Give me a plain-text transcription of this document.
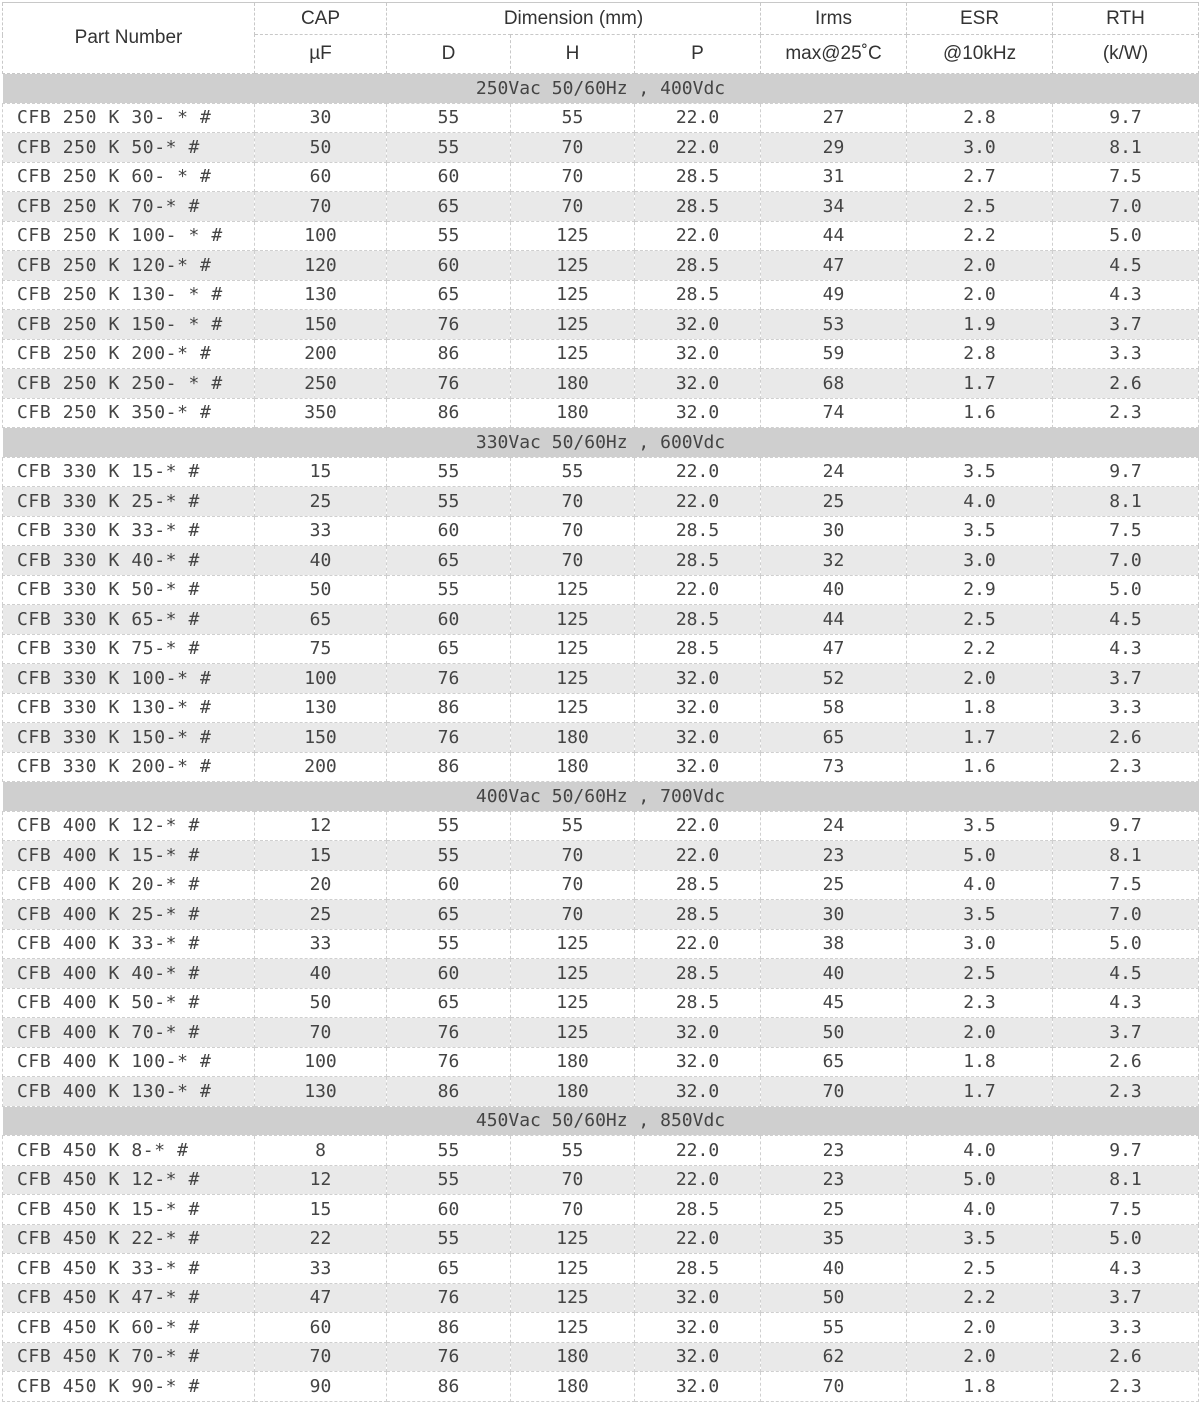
Part Number	CAP	Dimension (mm)			Irms	ESR	RTH
	µF	D	H	P	max@25˚C	@10kHz	(k/W)
250Vac 50/60Hz , 400Vdc							
CFB 250 K 30- * #	30	55	55	22.0	27	2.8	9.7
CFB 250 K 50-* #	50	55	70	22.0	29	3.0	8.1
CFB 250 K 60- * #	60	60	70	28.5	31	2.7	7.5
CFB 250 K 70-* #	70	65	70	28.5	34	2.5	7.0
CFB 250 K 100- * #	100	55	125	22.0	44	2.2	5.0
CFB 250 K 120-* #	120	60	125	28.5	47	2.0	4.5
CFB 250 K 130- * #	130	65	125	28.5	49	2.0	4.3
CFB 250 K 150- * #	150	76	125	32.0	53	1.9	3.7
CFB 250 K 200-* #	200	86	125	32.0	59	2.8	3.3
CFB 250 K 250- * #	250	76	180	32.0	68	1.7	2.6
CFB 250 K 350-* #	350	86	180	32.0	74	1.6	2.3
330Vac 50/60Hz , 600Vdc							
CFB 330 K 15-* #	15	55	55	22.0	24	3.5	9.7
CFB 330 K 25-* #	25	55	70	22.0	25	4.0	8.1
CFB 330 K 33-* #	33	60	70	28.5	30	3.5	7.5
CFB 330 K 40-* #	40	65	70	28.5	32	3.0	7.0
CFB 330 K 50-* #	50	55	125	22.0	40	2.9	5.0
CFB 330 K 65-* #	65	60	125	28.5	44	2.5	4.5
CFB 330 K 75-* #	75	65	125	28.5	47	2.2	4.3
CFB 330 K 100-* #	100	76	125	32.0	52	2.0	3.7
CFB 330 K 130-* #	130	86	125	32.0	58	1.8	3.3
CFB 330 K 150-* #	150	76	180	32.0	65	1.7	2.6
CFB 330 K 200-* #	200	86	180	32.0	73	1.6	2.3
400Vac 50/60Hz , 700Vdc							
CFB 400 K 12-* #	12	55	55	22.0	24	3.5	9.7
CFB 400 K 15-* #	15	55	70	22.0	23	5.0	8.1
CFB 400 K 20-* #	20	60	70	28.5	25	4.0	7.5
CFB 400 K 25-* #	25	65	70	28.5	30	3.5	7.0
CFB 400 K 33-* #	33	55	125	22.0	38	3.0	5.0
CFB 400 K 40-* #	40	60	125	28.5	40	2.5	4.5
CFB 400 K 50-* #	50	65	125	28.5	45	2.3	4.3
CFB 400 K 70-* #	70	76	125	32.0	50	2.0	3.7
CFB 400 K 100-* #	100	76	180	32.0	65	1.8	2.6
CFB 400 K 130-* #	130	86	180	32.0	70	1.7	2.3
450Vac 50/60Hz , 850Vdc							
CFB 450 K 8-* #	8	55	55	22.0	23	4.0	9.7
CFB 450 K 12-* #	12	55	70	22.0	23	5.0	8.1
CFB 450 K 15-* #	15	60	70	28.5	25	4.0	7.5
CFB 450 K 22-* #	22	55	125	22.0	35	3.5	5.0
CFB 450 K 33-* #	33	65	125	28.5	40	2.5	4.3
CFB 450 K 47-* #	47	76	125	32.0	50	2.2	3.7
CFB 450 K 60-* #	60	86	125	32.0	55	2.0	3.3
CFB 450 K 70-* #	70	76	180	32.0	62	2.0	2.6
CFB 450 K 90-* #	90	86	180	32.0	70	1.8	2.3
